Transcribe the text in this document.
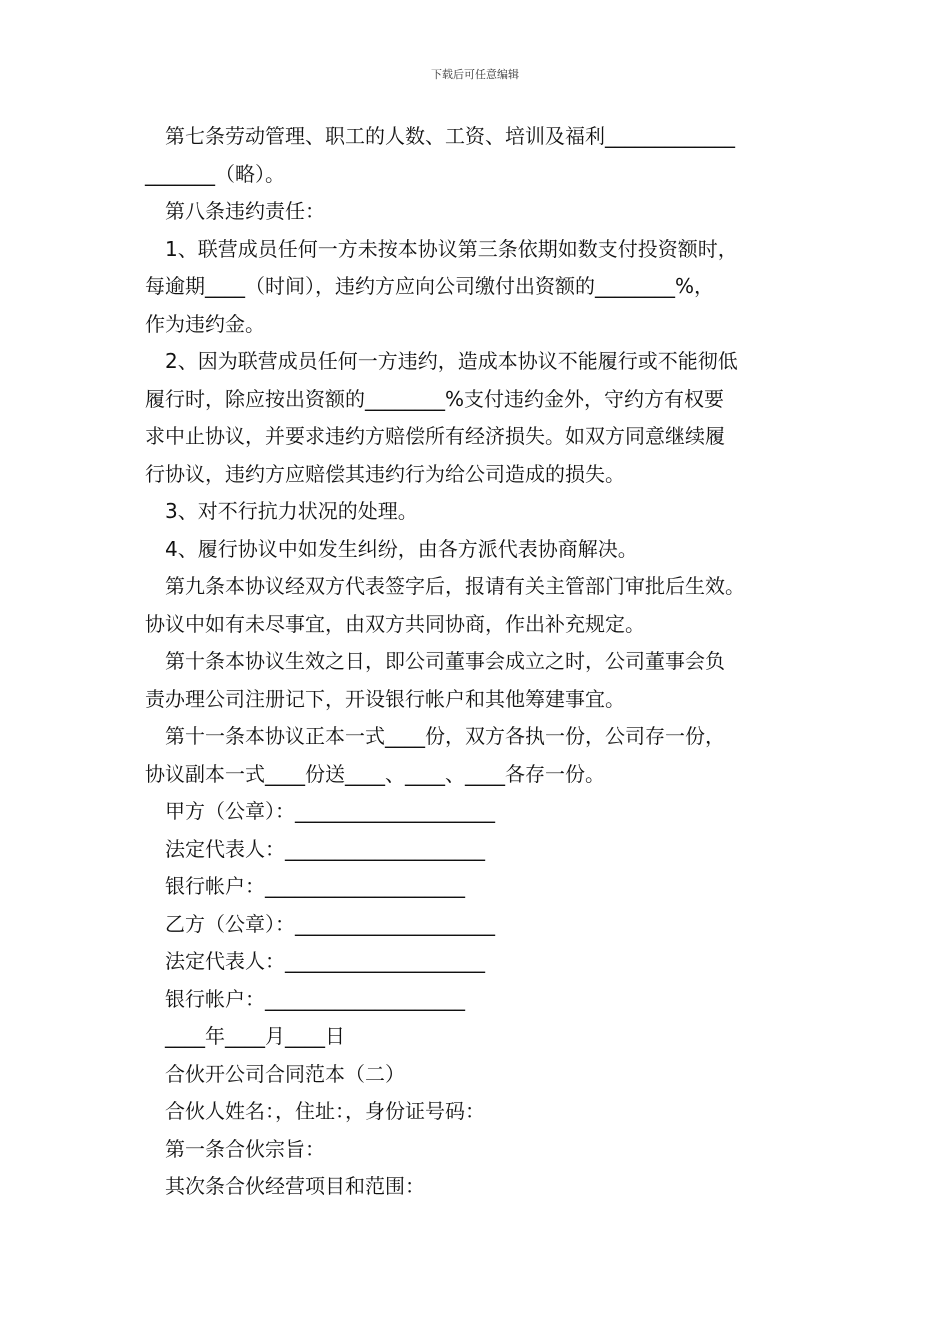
下载后可任意编辑

第七条劳动管理、职工的人数、工资、培训及福利_____________

_______（略）。

第八条违约责任：

1、联营成员任何一方未按本协议第三条依期如数支付投资额时，

每逾期____（时间），违约方应向公司缴付出资额的________%，

作为违约金。

2、因为联营成员任何一方违约，造成本协议不能履行或不能彻低

履行时，除应按出资额的________%支付违约金外，守约方有权要

求中止协议，并要求违约方赔偿所有经济损失。如双方同意继续履

行协议，违约方应赔偿其违约行为给公司造成的损失。

3、对不行抗力状况的处理。

4、履行协议中如发生纠纷，由各方派代表协商解决。

第九条本协议经双方代表签字后，报请有关主管部门审批后生效。

协议中如有未尽事宜，由双方共同协商，作出补充规定。

第十条本协议生效之日，即公司董事会成立之时，公司董事会负

责办理公司注册记下，开设银行帐户和其他筹建事宜。

第十一条本协议正本一式____份，双方各执一份，公司存一份，

协议副本一式____份送____、____、____各存一份。

甲方（公章）：____________________

法定代表人：____________________

银行帐户：____________________

乙方（公章）：____________________

法定代表人：____________________

银行帐户：____________________

____年____月____日

合伙开公司合同范本（二）

合伙人姓名：，住址：，身份证号码：

第一条合伙宗旨：

其次条合伙经营项目和范围：
